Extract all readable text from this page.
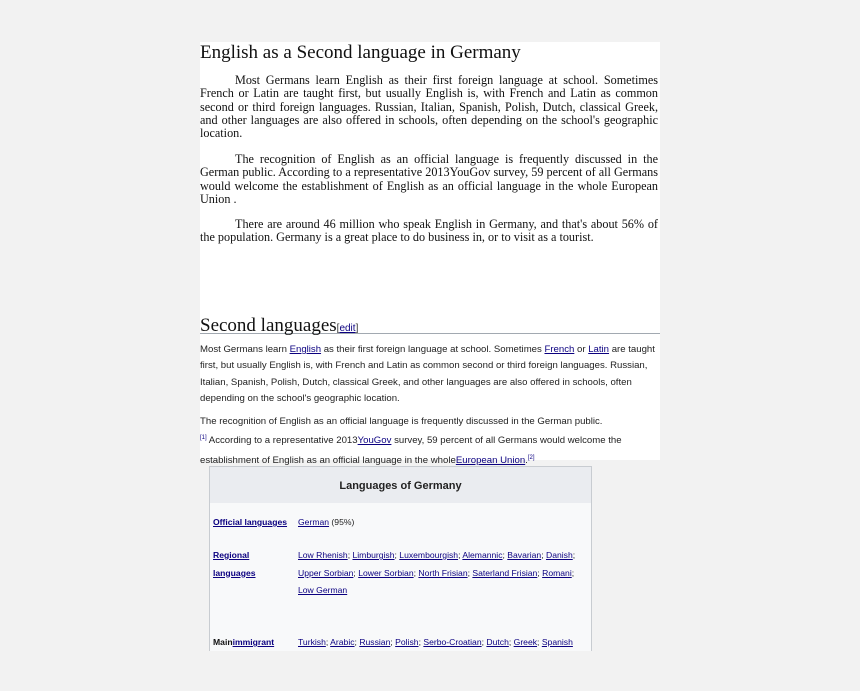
English as a Second language in Germany

Most Germans learn English as their first foreign language at school. Sometimes French or Latin are taught first, but usually English is, with French and Latin as common second or third foreign languages. Russian, Italian, Spanish, Polish, Dutch, classical Greek, and other languages are also offered in schools, often depending on the school's geographic location.

The recognition of English as an official language is frequently discussed in the German public. According to a representative 2013YouGov survey, 59 percent of all Germans would welcome the establishment of English as an official language in the whole European Union .

There are around 46 million who speak English in Germany, and that's about 56% of the population. Germany is a great place to do business in, or to visit as a tourist.

Second languages[edit]

Most Germans learn English as their first foreign language at school. Sometimes French or Latin are taught first, but usually English is, with French and Latin as common second or third foreign languages. Russian, Italian, Spanish, Polish, Dutch, classical Greek, and other languages are also offered in schools, often depending on the school's geographic location.

The recognition of English as an official language is frequently discussed in the German public.
[1] According to a representative 2013YouGov survey, 59 percent of all Germans would welcome the establishment of English as an official language in the wholeEuropean Union.[2]

Languages of Germany
Official languages	German (95%)
Regional languages
Low Rhenish; Limburgish; Luxembourgish; Alemannic; Bavarian; Danish; Upper Sorbian; Lower Sorbian; North Frisian; Saterland Frisian; Romani; Low German
Mainimmigrant	Turkish; Arabic; Russian; Polish; Serbo-Croatian; Dutch; Greek; Spanish
